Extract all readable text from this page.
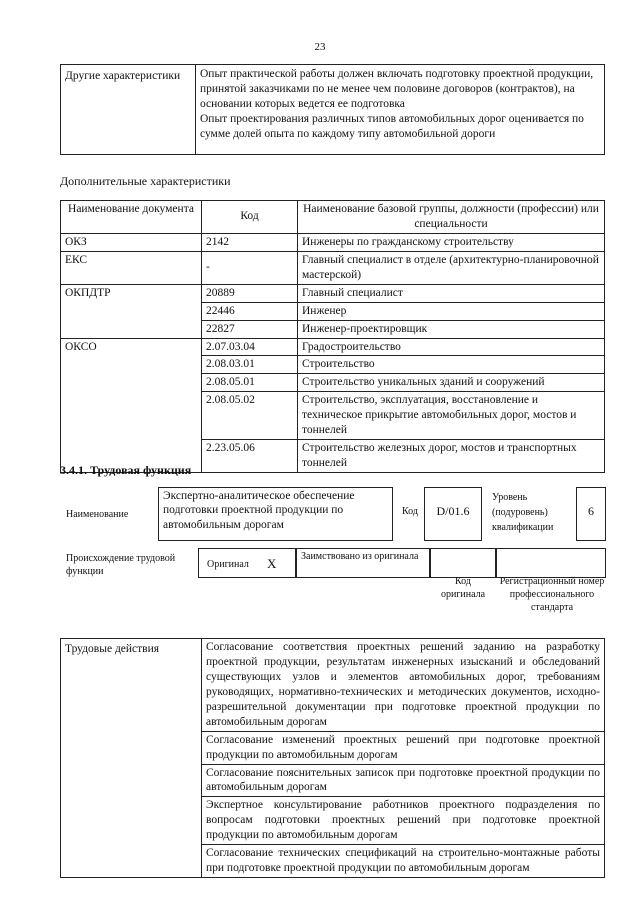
23
Другие характеристики	Опыт практической работы должен включать подготовку проектной продукции, принятой заказчиками по не менее чем половине договоров (контрактов), на основании которых ведется ее подготовка
Опыт проектирования различных типов автомобильных дорог оценивается по сумме долей опыта по каждому типу автомобильной дороги
Дополнительные характеристики
Наименование документа	Код	Наименование базовой группы, должности (профессии) или специальности
ОКЗ	2142	Инженеры по гражданскому строительству
ЕКС	-	Главный специалист в отделе (архитектурно-планировочной мастерской)
ОКПДТР	20889	Главный специалист
	22446	Инженер
	22827	Инженер-проектировщик
ОКСО	2.07.03.04	Градостроительство
	2.08.03.01	Строительство
	2.08.05.01	Строительство уникальных зданий и сооружений
	2.08.05.02	Строительство, эксплуатация, восстановление и техническое прикрытие автомобильных дорог, мостов и тоннелей
	2.23.05.06	Строительство железных дорог, мостов и транспортных тоннелей
3.4.1. Трудовая функция
Наименование
Экспертно-аналитическое обеспечение подготовки проектной продукции по автомобильным дорогам
Код	D/01.6
Уровень (подуровень) квалификации
6
Происхождение трудовой функции
Оригинал X	Заимствовано из оригинала
Код оригинала
Регистрационный номер профессионального стандарта
Трудовые действия	Согласование соответствия проектных решений заданию на разработку проектной продукции, результатам инженерных изысканий и обследований существующих узлов и элементов автомобильных дорог, требованиям руководящих, нормативно-технических и методических документов, исходно-разрешительной документации при подготовке проектной продукции по автомобильным дорогам
Согласование изменений проектных решений при подготовке проектной продукции по автомобильным дорогам
Согласование пояснительных записок при подготовке проектной продукции по автомобильным дорогам
Экспертное консультирование работников проектного подразделения по вопросам подготовки проектных решений при подготовке проектной продукции по автомобильным дорогам
Согласование технических спецификаций на строительно-монтажные работы при подготовке проектной продукции по автомобильным дорогам
